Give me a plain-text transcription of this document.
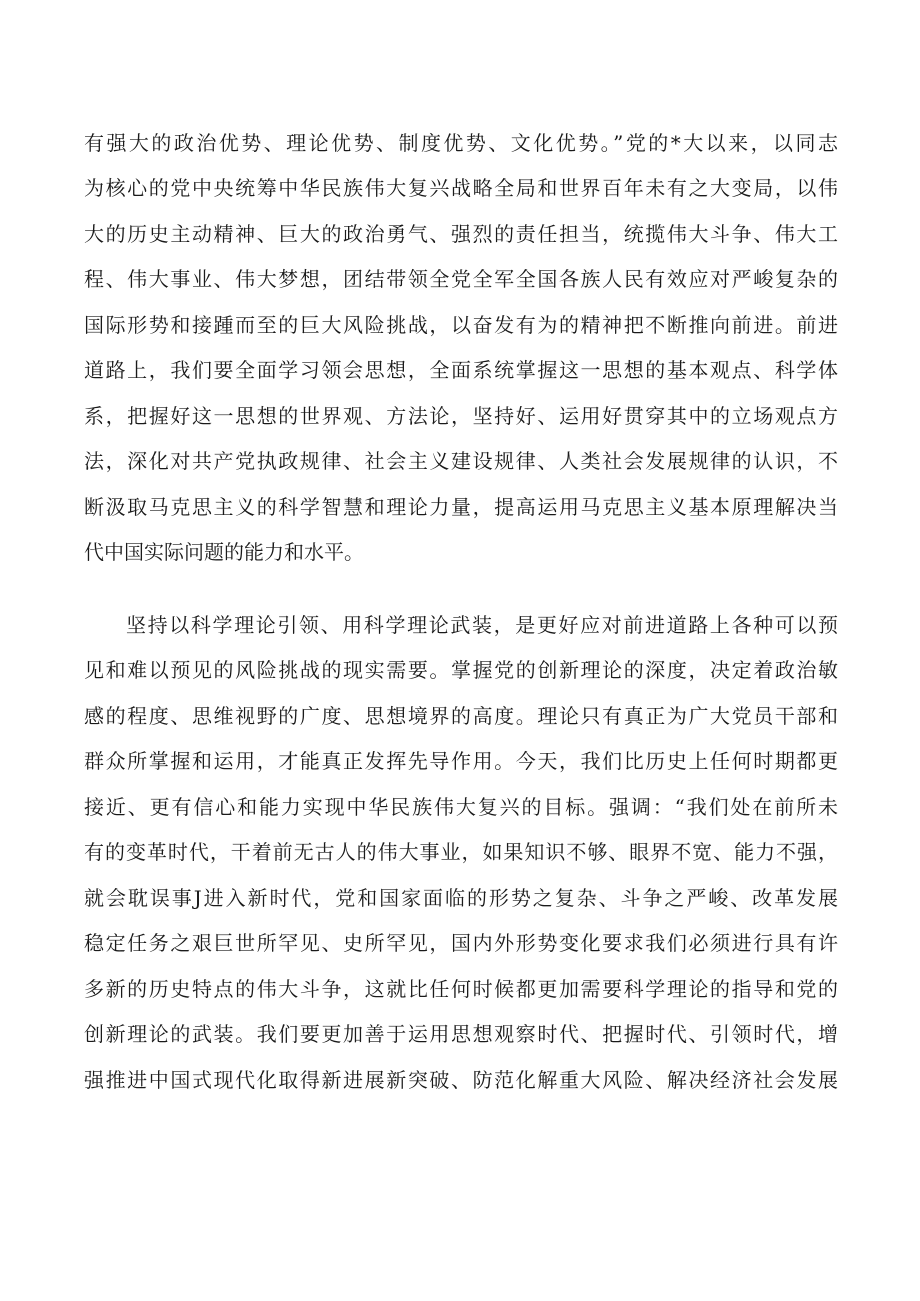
有强大的政治优势、理论优势、制度优势、文化优势。”党的*大以来，以同志
为核心的党中央统筹中华民族伟大复兴战略全局和世界百年未有之大变局，以伟
大的历史主动精神、巨大的政治勇气、强烈的责任担当，统揽伟大斗争、伟大工
程、伟大事业、伟大梦想，团结带领全党全军全国各族人民有效应对严峻复杂的
国际形势和接踵而至的巨大风险挑战，以奋发有为的精神把不断推向前进。前进
道路上，我们要全面学习领会思想，全面系统掌握这一思想的基本观点、科学体
系，把握好这一思想的世界观、方法论，坚持好、运用好贯穿其中的立场观点方
法，深化对共产党执政规律、社会主义建设规律、人类社会发展规律的认识，不
断汲取马克思主义的科学智慧和理论力量，提高运用马克思主义基本原理解决当
代中国实际问题的能力和水平。
坚持以科学理论引领、用科学理论武装，是更好应对前进道路上各种可以预
见和难以预见的风险挑战的现实需要。掌握党的创新理论的深度，决定着政治敏
感的程度、思维视野的广度、思想境界的高度。理论只有真正为广大党员干部和
群众所掌握和运用，才能真正发挥先导作用。今天，我们比历史上任何时期都更
接近、更有信心和能力实现中华民族伟大复兴的目标。强调：“我们处在前所未
有的变革时代，干着前无古人的伟大事业，如果知识不够、眼界不宽、能力不强，
就会耽误事J进入新时代，党和国家面临的形势之复杂、斗争之严峻、改革发展
稳定任务之艰巨世所罕见、史所罕见，国内外形势变化要求我们必须进行具有许
多新的历史特点的伟大斗争，这就比任何时候都更加需要科学理论的指导和党的
创新理论的武装。我们要更加善于运用思想观察时代、把握时代、引领时代，增
强推进中国式现代化取得新进展新突破、防范化解重大风险、解决经济社会发展
